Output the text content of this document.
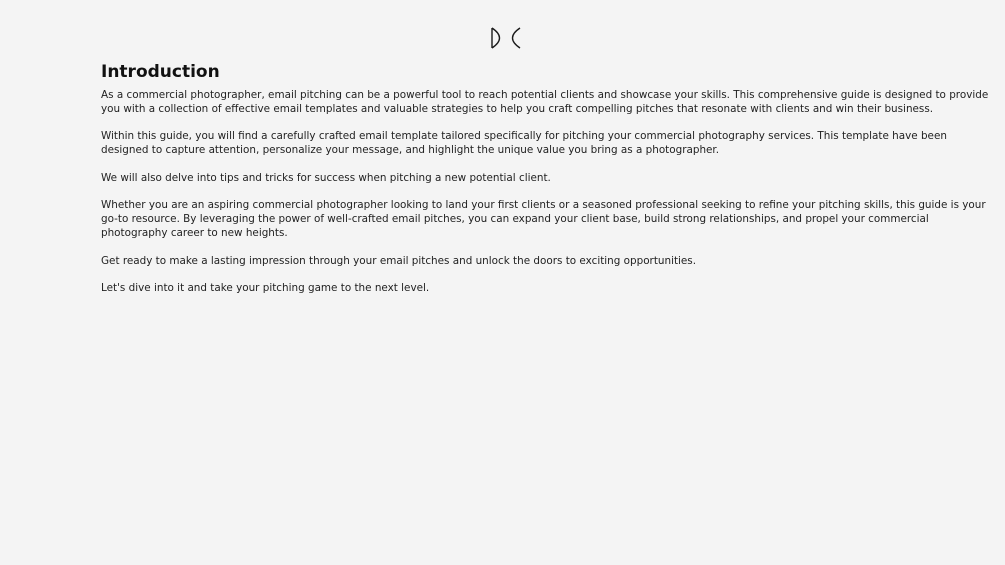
Introduction

As a commercial photographer, email pitching can be a powerful tool to reach potential clients and showcase your skills. This comprehensive guide is designed to provide you with a collection of effective email templates and valuable strategies to help you craft compelling pitches that resonate with clients and win their business.

Within this guide, you will find a carefully crafted email template tailored specifically for pitching your commercial photography services. This template have been designed to capture attention, personalize your message, and highlight the unique value you bring as a photographer.

We will also delve into tips and tricks for success when pitching a new potential client.

Whether you are an aspiring commercial photographer looking to land your first clients or a seasoned professional seeking to refine your pitching skills, this guide is your go-to resource. By leveraging the power of well-crafted email pitches, you can expand your client base, build strong relationships, and propel your commercial photography career to new heights.

Get ready to make a lasting impression through your email pitches and unlock the doors to exciting opportunities.

Let's dive into it and take your pitching game to the next level.
